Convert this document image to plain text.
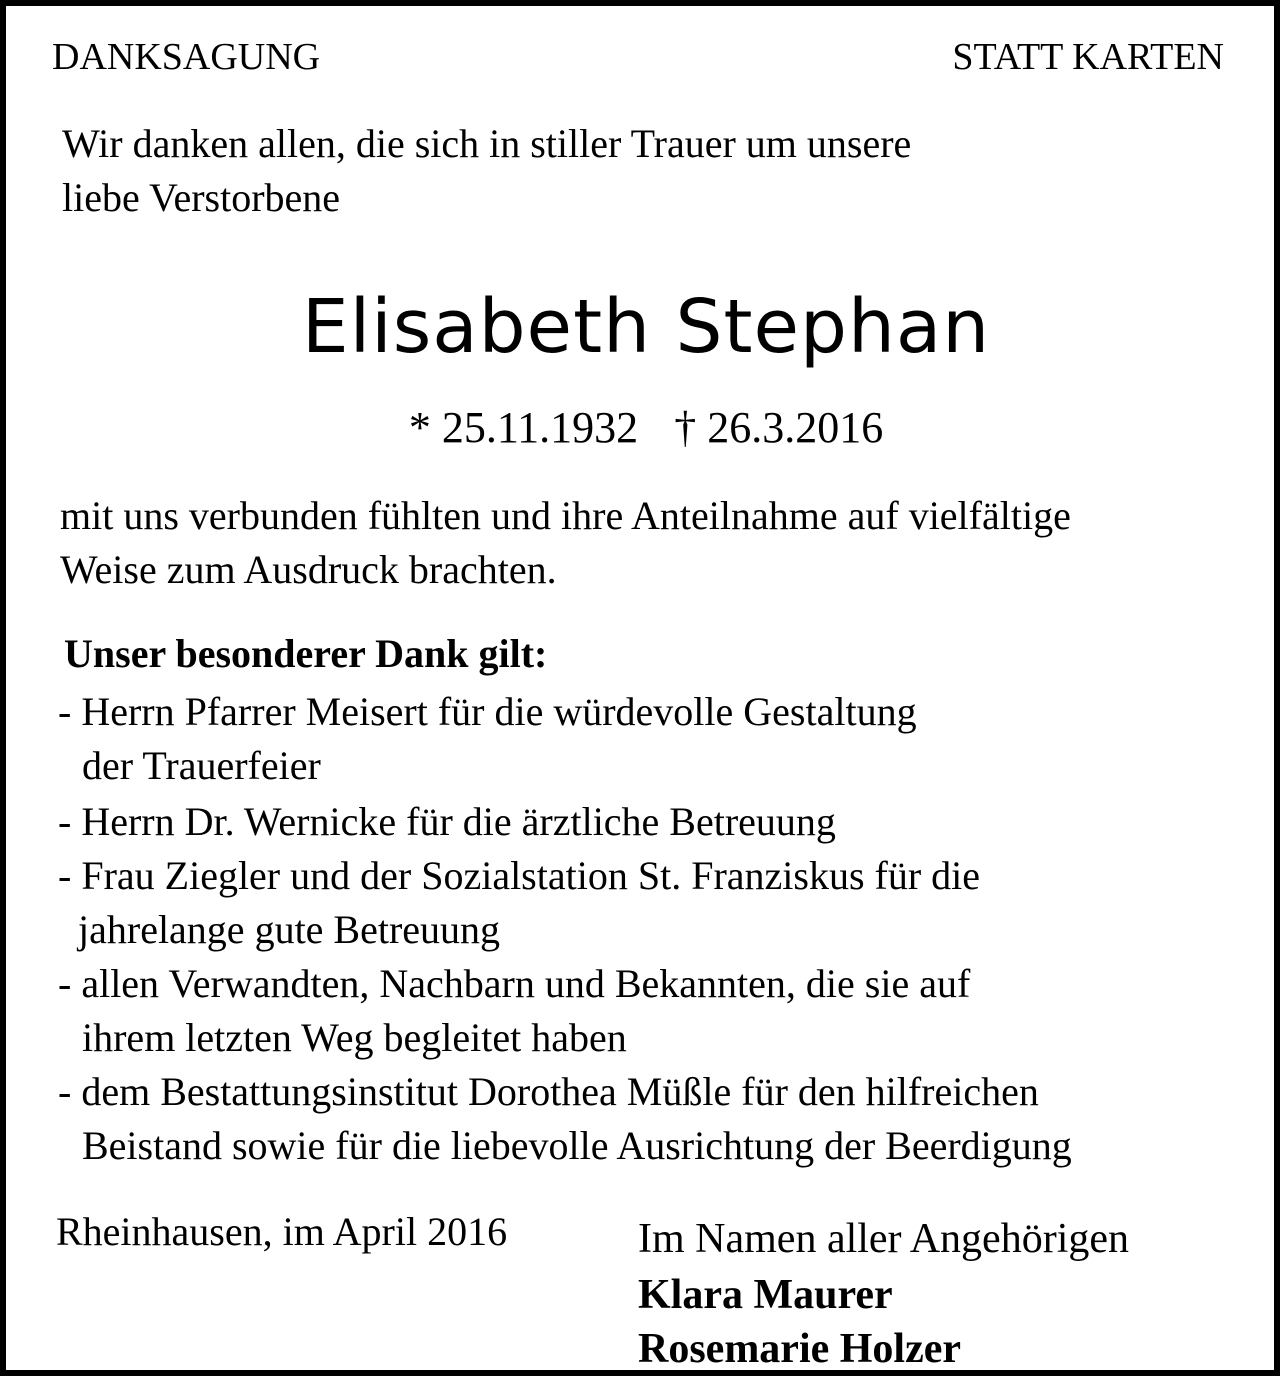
DANKSAGUNG	STATT KARTEN
Wir danken allen, die sich in stiller Trauer um unsere
liebe Verstorbene
Elisabeth Stephan
* 25.11.1932 † 26.3.2016
mit uns verbunden fühlten und ihre Anteilnahme auf vielfältige
Weise zum Ausdruck brachten.
Unser besonderer Dank gilt:
- Herrn Pfarrer Meisert für die würdevolle Gestaltung
der Trauerfeier
- Herrn Dr. Wernicke für die ärztliche Betreuung
- Frau Ziegler und der Sozialstation St. Franziskus für die
jahrelange gute Betreuung
- allen Verwandten, Nachbarn und Bekannten, die sie auf
ihrem letzten Weg begleitet haben
- dem Bestattungsinstitut Dorothea Müßle für den hilfreichen
Beistand sowie für die liebevolle Ausrichtung der Beerdigung
Rheinhausen, im April 2016	Im Namen aller Angehörigen
Klara Maurer
Rosemarie Holzer
